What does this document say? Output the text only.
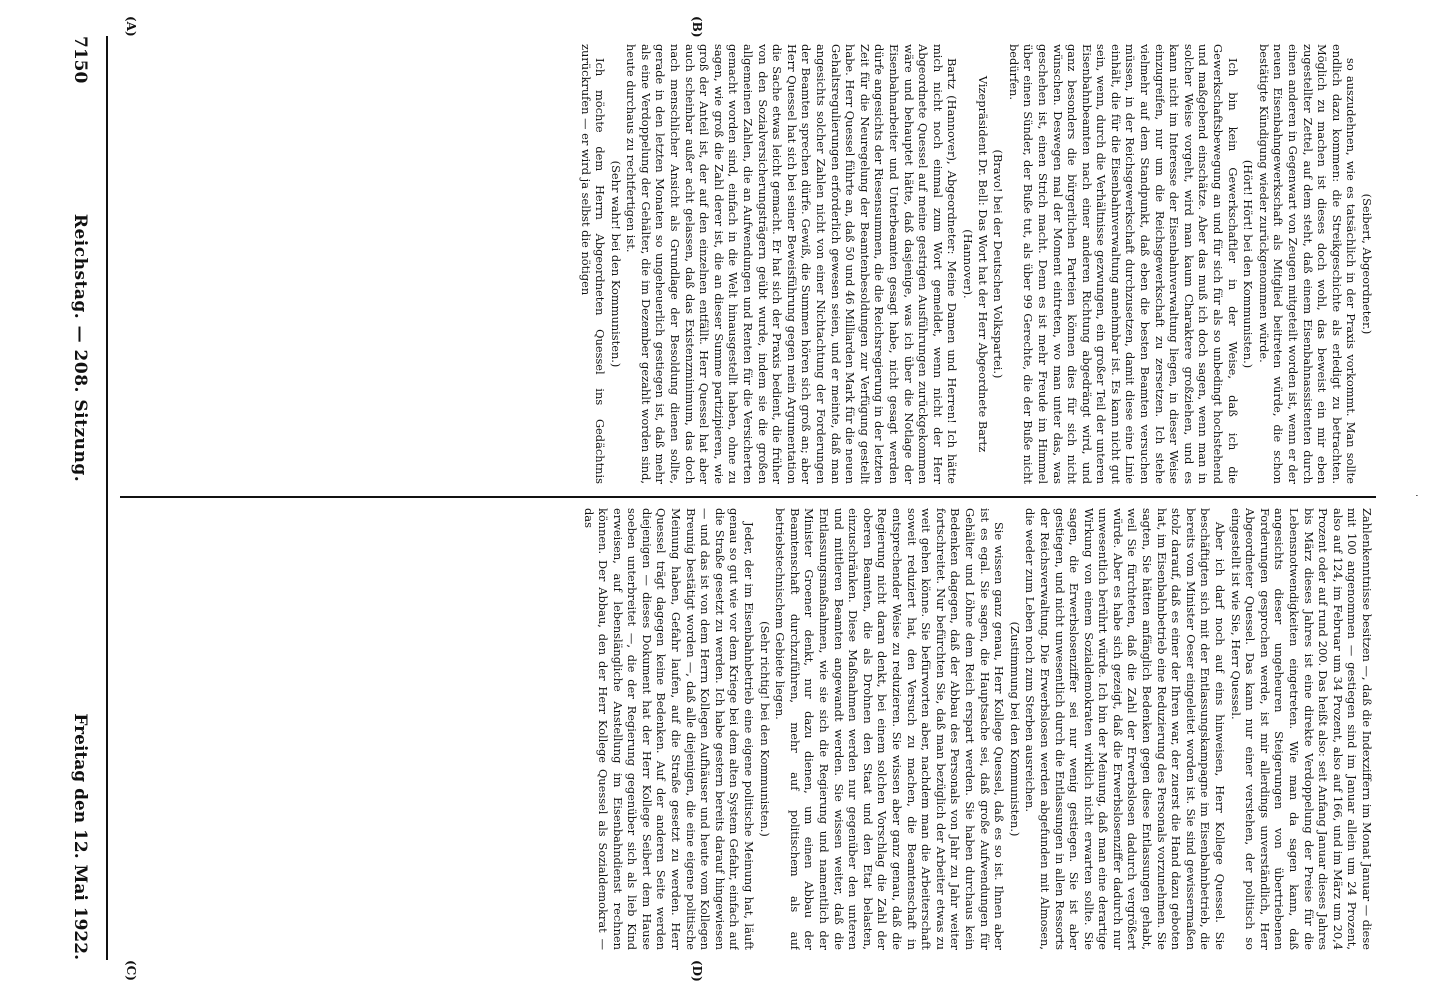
(Seibert, Abgeordneter.)

so auszudehnen, wie es tatsächlich in der Praxis vorkommt. Man sollte endlich dazu kommen: die Streikgeschichte als erledigt zu betrachten. Möglich zu machen ist dieses doch wohl, das beweist ein mir eben zugestellter Zettel, auf dem steht, daß einem Eisenbahnassistenten durch einen anderen in Gegenwart von Zeugen mitgeteilt worden ist, wenn er der neuen Eisenbahngewerkschaft als Mitglied beitreten würde, die schon bestätigte Kündigung wieder zurückgenommen würde.

(Hört! Hört! bei den Kommunisten.)

Ich bin kein Gewerkschaftler in der Weise, daß ich die Gewerkschaftsbewegung an und für sich für als so unbedingt hochstehend und maßgebend einschätze. Aber das muß ich doch sagen, wenn man in solcher Weise vorgeht, wird man kaum Charaktere großziehen, und es kann nicht im Interesse der Eisenbahnverwaltung liegen, in dieser Weise einzugreifen, nur um die Reichsgewerkschaft zu zersetzen. Ich stehe vielmehr auf dem Standpunkt, daß eben die besten Beamten versuchen müssen, in der Reichsgewerkschaft durchzusetzen, damit diese eine Linie einhält, die für die Eisenbahnverwaltung annehmbar ist. Es kann nicht gut sein, wenn, durch die Verhältnisse gezwungen, ein großer Teil der unteren Eisenbahnbeamten nach einer anderen Richtung abgedrängt wird, und ganz besonders die bürgerlichen Parteien können dies für sich nicht wünschen. Deswegen mal der Moment eintreten, wo man unter das, was geschehen ist, einen Strich macht. Denn es ist mehr Freude im Himmel über einen Sünder, der Buße tut, als über 99 Gerechte, die der Buße nicht bedürfen.

(Bravo! bei der Deutschen Volkspartei.)

Vizepräsident Dr. Bell: Das Wort hat der Herr Abgeordnete Bartz (Hannover).

Bartz (Hannover), Abgeordneter: Meine Damen und Herren! Ich hätte mich nicht noch einmal zum Wort gemeldet, wenn nicht der Herr Abgeordnete Quessel auf meine gestrigen Ausführungen zurückgekommen wäre und behauptet hätte, daß dasjenige, was ich über die Notlage der Eisenbahnarbeiter und Unterbeamten gesagt habe, nicht gesagt werden dürfe angesichts der Riesensummen, die die Reichsregierung in der letzten Zeit für die Neuregelung der Beamtenbesoldungen zur Verfügung gestellt habe. Herr Quessel führte an, daß 50 und 46 Milliarden Mark für die neuen Gehaltsregulierungen erforderlich gewesen seien, und er meinte, daß man angesichts solcher Zahlen nicht von einer Nichtachtung der Forderungen der Beamten sprechen dürfe. Gewiß, die Summen hören sich groß an; aber Herr Quessel hat sich bei seiner Beweisführung gegen mein Argumentation die Sache etwas leicht gemacht. Er hat sich der Praxis bedient, die früher von den Sozialversicherungsträgern geübt wurde, indem sie die großen allgemeinen Zahlen, die an Aufwendungen und Renten für die Versicherten gemacht worden sind, einfach in die Welt hinausgestellt haben, ohne zu sagen, wie groß die Zahl derer ist, die an dieser Summe partizipieren, wie groß der Anteil ist, der auf den einzelnen entfällt. Herr Quessel hat aber auch scheinbar außer acht gelassen, daß das Existenzminimum, das doch nach menschlicher Ansicht als Grundlage der Besoldung dienen sollte, gerade in den letzten Monaten so ungeheuerlich gestiegen ist, daß mehr als eine Verdoppelung der Gehälter, die im Dezember gezahlt worden sind, heute durchaus zu rechtfertigen ist.

(Sehr wahr! bei den Kommunisten.)

Ich möchte dem Herrn Abgeordneten Quessel ins Gedächtnis zurückrufen — er wird ja selbst die nötigen

Zahlenkenntnisse besitzen —, daß die Indexziffern im Monat Januar — diese mit 100 angenommen — gestiegen sind im Januar allein um 24 Prozent, also auf 124, im Februar um 34 Prozent, also auf 166, und im März um 20,4 Prozent oder auf rund 200. Das heißt also: seit Anfang Januar dieses Jahres bis März dieses Jahres ist eine direkte Verdoppelung der Preise für die Lebensnotwendigkeiten eingetreten. Wie man da sagen kann, daß angesichts dieser ungeheuren Steigerungen von übertriebenen Forderungen gesprochen werde, ist mir allerdings unverständlich, Herr Abgeordneter Quessel. Das kann nur einer verstehen, der politisch so eingestellt ist wie Sie, Herr Quessel.

Aber ich darf noch auf eins hinweisen, Herr Kollege Quessel. Sie beschäftigten sich mit der Entlassungskampagne im Eisenbahnbetrieb, die bereits vom Minister Oeser eingeleitet worden ist. Sie sind gewissermaßen stolz darauf, daß es einer der Ihren war, der zuerst die Hand dazu geboten hat, im Eisenbahnbetrieb eine Reduzierung des Personals vorzunehmen. Sie sagten, Sie hätten anfänglich Bedenken gegen diese Entlassungen gehabt, weil Sie fürchteten, daß die Zahl der Erwerbslosen dadurch vergrößert würde. Aber es habe sich gezeigt, daß die Erwerbslosenziffer dadurch nur unwesentlich berührt würde. Ich bin der Meinung, daß man eine derartige Wirkung von einem Sozialdemokraten wirklich nicht erwarten sollte. Sie sagen, die Erwerbslosenziffer sei nur wenig gestiegen. Sie ist aber gestiegen, und nicht unwesentlich durch die Entlassungen in allen Ressorts der Reichsverwaltung. Die Erwerbslosen werden abgefunden mit Almosen, die weder zum Leben noch zum Sterben ausreichen.

(Zustimmung bei den Kommunisten.)

Sie wissen ganz genau, Herr Kollege Quessel, daß es so ist. Ihnen aber ist es egal. Sie sagen, die Hauptsache sei, daß große Aufwendungen für Gehälter und Löhne dem Reich erspart werden. Sie haben durchaus kein Bedenken dagegen, daß der Abbau des Personals von Jahr zu Jahr weiter fortschreitet. Nur befürchten Sie, daß man bezüglich der Arbeiter etwas zu weit gehen könne. Sie befürworten aber, nachdem man die Arbeiterschaft soweit reduziert hat, den Versuch zu machen, die Beamtenschaft in entsprechender Weise zu reduzieren. Sie wissen aber ganz genau, daß die Regierung nicht daran denkt, bei einem solchen Vorschlag die Zahl der oberen Beamten, die als Drohnen den Staat und den Etat belasten, einzuschränken. Diese Maßnahmen werden nur gegenüber den unteren und mittleren Beamten angewandt werden. Sie wissen weiter, daß die Entlassungsmaßnahmen, wie sie sich die Regierung und namentlich der Minister Groener denkt, nur dazu dienen, um einen Abbau der Beamtenschaft durchzuführen, mehr auf politischem als auf betriebstechnischem Gebiete liegen.

(Sehr richtig! bei den Kommunisten.)

Jeder, der im Eisenbahnbetrieb eine eigene politische Meinung hat, läuft genau so gut wie vor dem Kriege bei dem alten System Gefahr, einfach auf die Straße gesetzt zu werden. Ich habe gestern bereits darauf hingewiesen — und das ist von dem Herrn Kollegen Aufhäuser und heute vom Kollegen Breunig bestätigt worden —, daß alle diejenigen, die eine eigene politische Meinung haben, Gefahr laufen, auf die Straße gesetzt zu werden. Herr Quessel trägt dagegen keine Bedenken. Auf der anderen Seite werden diejenigen — dieses Dokument hat der Herr Kollege Seibert dem Hause soeben unterbreitet —, die der Regierung gegenüber sich als lieb Kind erweisen, auf lebenslängliche Anstellung im Eisenbahndienst rechnen können. Der Abbau, den der Herr Kollege Quessel als Sozialdemokrat — das

7150
Reichstag. — 208. Sitzung.
Freitag den 12. Mai 1922.
(A)	(B)
(C)	(D)
·
